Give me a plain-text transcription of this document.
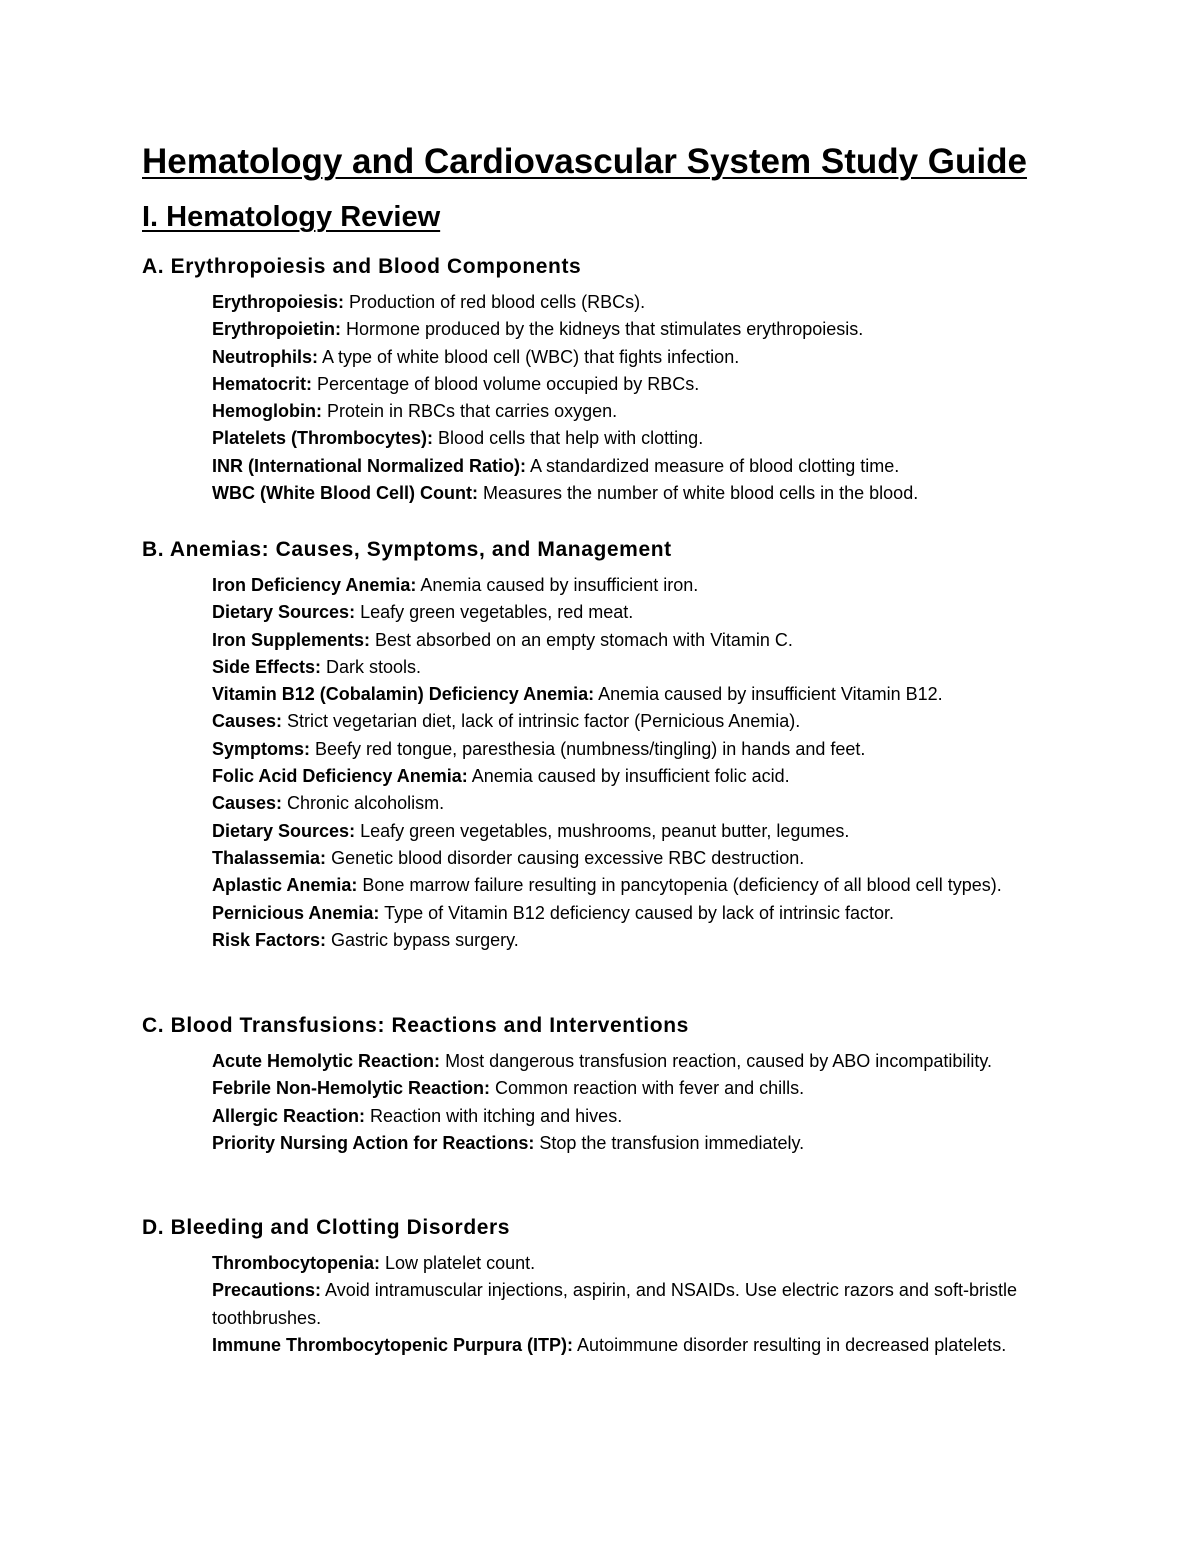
Hematology and Cardiovascular System Study Guide
I. Hematology Review
A. Erythropoiesis and Blood Components
Erythropoiesis: Production of red blood cells (RBCs).
Erythropoietin: Hormone produced by the kidneys that stimulates erythropoiesis.
Neutrophils: A type of white blood cell (WBC) that fights infection.
Hematocrit: Percentage of blood volume occupied by RBCs.
Hemoglobin: Protein in RBCs that carries oxygen.
Platelets (Thrombocytes): Blood cells that help with clotting.
INR (International Normalized Ratio): A standardized measure of blood clotting time.
WBC (White Blood Cell) Count: Measures the number of white blood cells in the blood.
B. Anemias: Causes, Symptoms, and Management
Iron Deficiency Anemia: Anemia caused by insufficient iron.
Dietary Sources: Leafy green vegetables, red meat.
Iron Supplements: Best absorbed on an empty stomach with Vitamin C.
Side Effects: Dark stools.
Vitamin B12 (Cobalamin) Deficiency Anemia: Anemia caused by insufficient Vitamin B12.
Causes: Strict vegetarian diet, lack of intrinsic factor (Pernicious Anemia).
Symptoms: Beefy red tongue, paresthesia (numbness/tingling) in hands and feet.
Folic Acid Deficiency Anemia: Anemia caused by insufficient folic acid.
Causes: Chronic alcoholism.
Dietary Sources: Leafy green vegetables, mushrooms, peanut butter, legumes.
Thalassemia: Genetic blood disorder causing excessive RBC destruction.
Aplastic Anemia: Bone marrow failure resulting in pancytopenia (deficiency of all blood cell types).
Pernicious Anemia: Type of Vitamin B12 deficiency caused by lack of intrinsic factor.
Risk Factors: Gastric bypass surgery.
C. Blood Transfusions: Reactions and Interventions
Acute Hemolytic Reaction: Most dangerous transfusion reaction, caused by ABO incompatibility.
Febrile Non-Hemolytic Reaction: Common reaction with fever and chills.
Allergic Reaction: Reaction with itching and hives.
Priority Nursing Action for Reactions: Stop the transfusion immediately.
D. Bleeding and Clotting Disorders
Thrombocytopenia: Low platelet count.
Precautions: Avoid intramuscular injections, aspirin, and NSAIDs. Use electric razors and soft-bristle toothbrushes.
Immune Thrombocytopenic Purpura (ITP): Autoimmune disorder resulting in decreased platelets.
